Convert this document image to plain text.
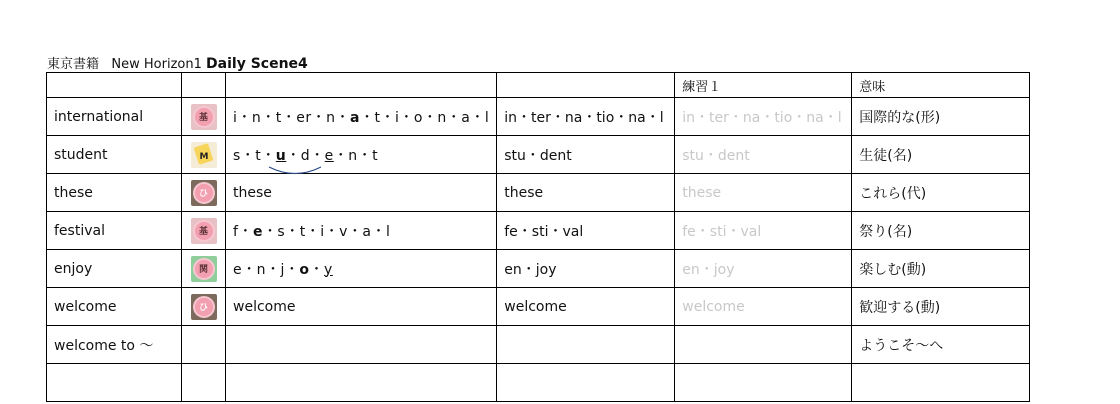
東京書籍 New Horizon1 Daily Scene4
				練習１	意味
international	基	i・n・t・er・n・a・t・i・o・n・a・l	in・ter・na・tio・na・l	in・ter・na・tio・na・l	国際的な(形)
student	M	s・t・u・d・e・n・t	stu・dent	stu・dent	生徒(名)
these	ひ	these	these	these	これら(代)
festival	基	f・e・s・t・i・v・a・l	fe・sti・val	fe・sti・val	祭り(名)
enjoy	関	e・n・j・o・y	en・joy	en・joy	楽しむ(動)
welcome	ひ	welcome	welcome	welcome	歓迎する(動)
welcome to ～					ようこそ～へ
